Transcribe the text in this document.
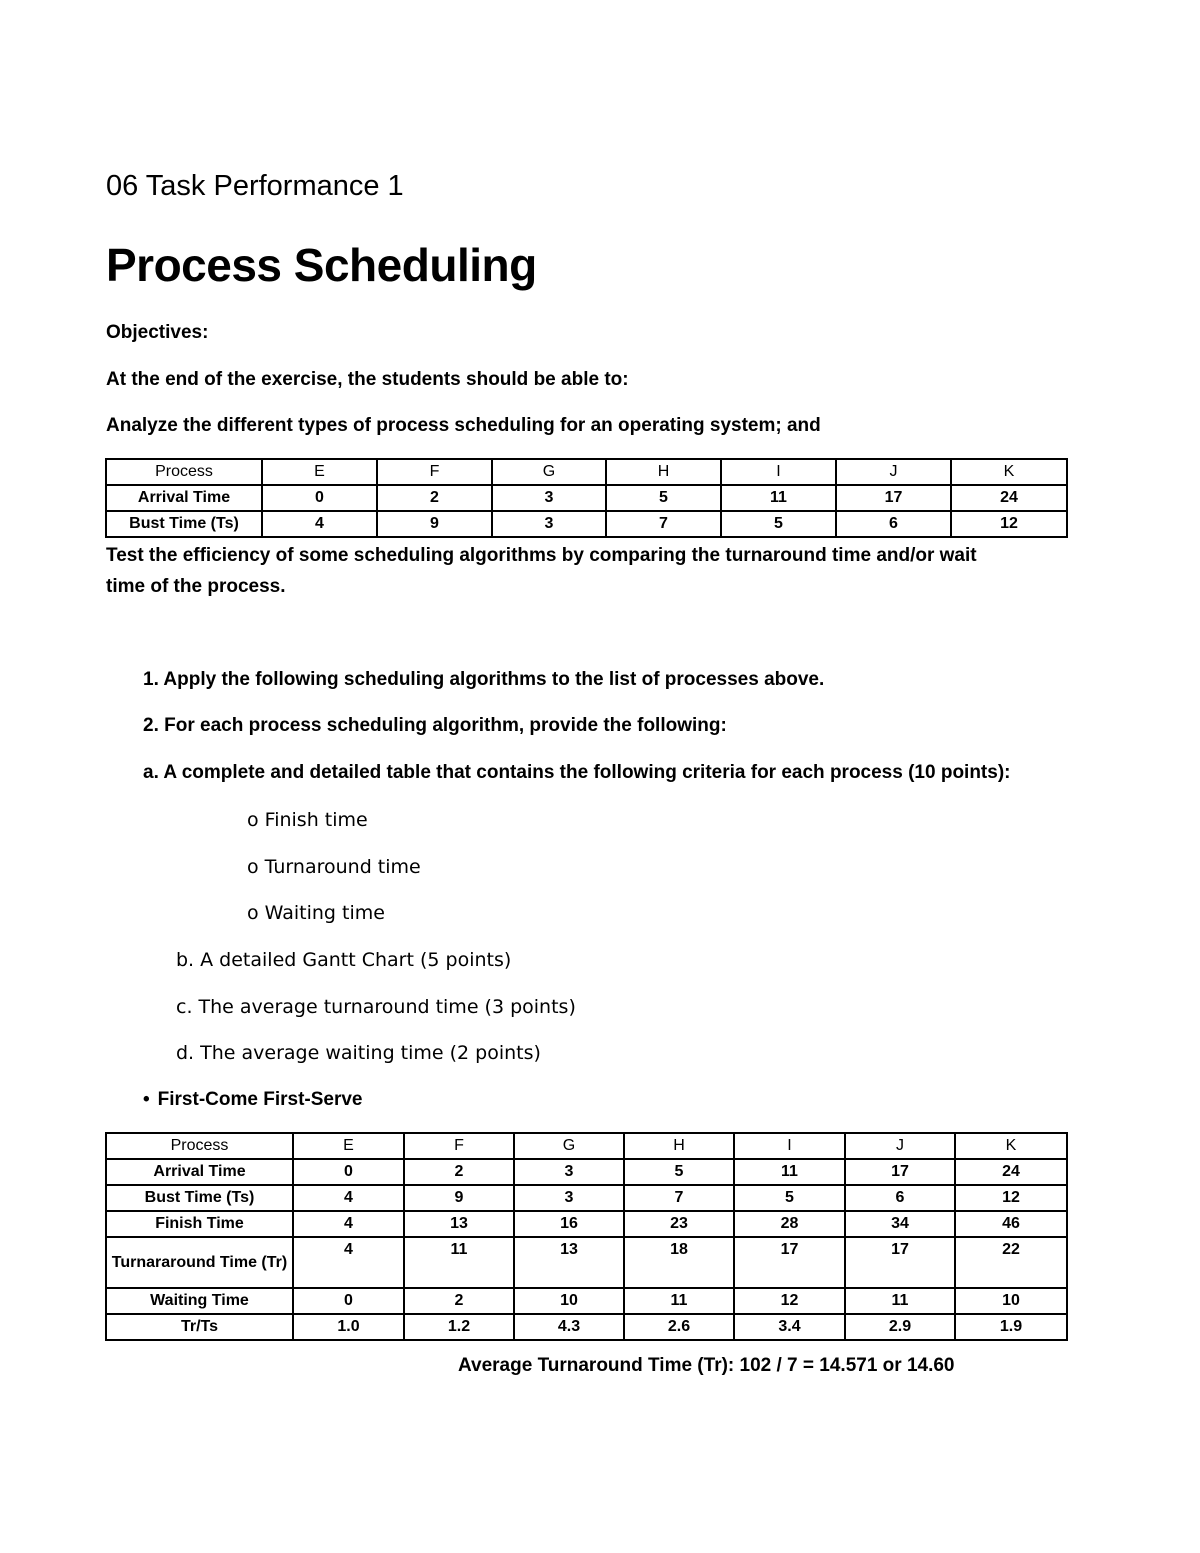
06 Task Performance 1
Process Scheduling
Objectives:
At the end of the exercise, the students should be able to:
Analyze the different types of process scheduling for an operating system; and
Process	E	F	G	H	I	J	K
Arrival Time	0	2	3	5	11	17	24
Bust Time (Ts)	4	9	3	7	5	6	12
Test the efficiency of some scheduling algorithms by comparing the turnaround time and/or wait
time of the process.
1. Apply the following scheduling algorithms to the list of processes above.
2. For each process scheduling algorithm, provide the following:
a. A complete and detailed table that contains the following criteria for each process (10 points):
o Finish time
o Turnaround time
o Waiting time
b. A detailed Gantt Chart (5 points)
c. The average turnaround time (3 points)
d. The average waiting time (2 points)
• First-Come First-Serve
Process	E	F	G	H	I	J	K
Arrival Time	0	2	3	5	11	17	24
Bust Time (Ts)	4	9	3	7	5	6	12
Finish Time	4	13	16	23	28	34	46
Turnararound Time (Tr)	4	11	13	18	17	17	22
Waiting Time	0	2	10	11	12	11	10
Tr/Ts	1.0	1.2	4.3	2.6	3.4	2.9	1.9
Average Turnaround Time (Tr): 102 / 7 = 14.571 or 14.60
